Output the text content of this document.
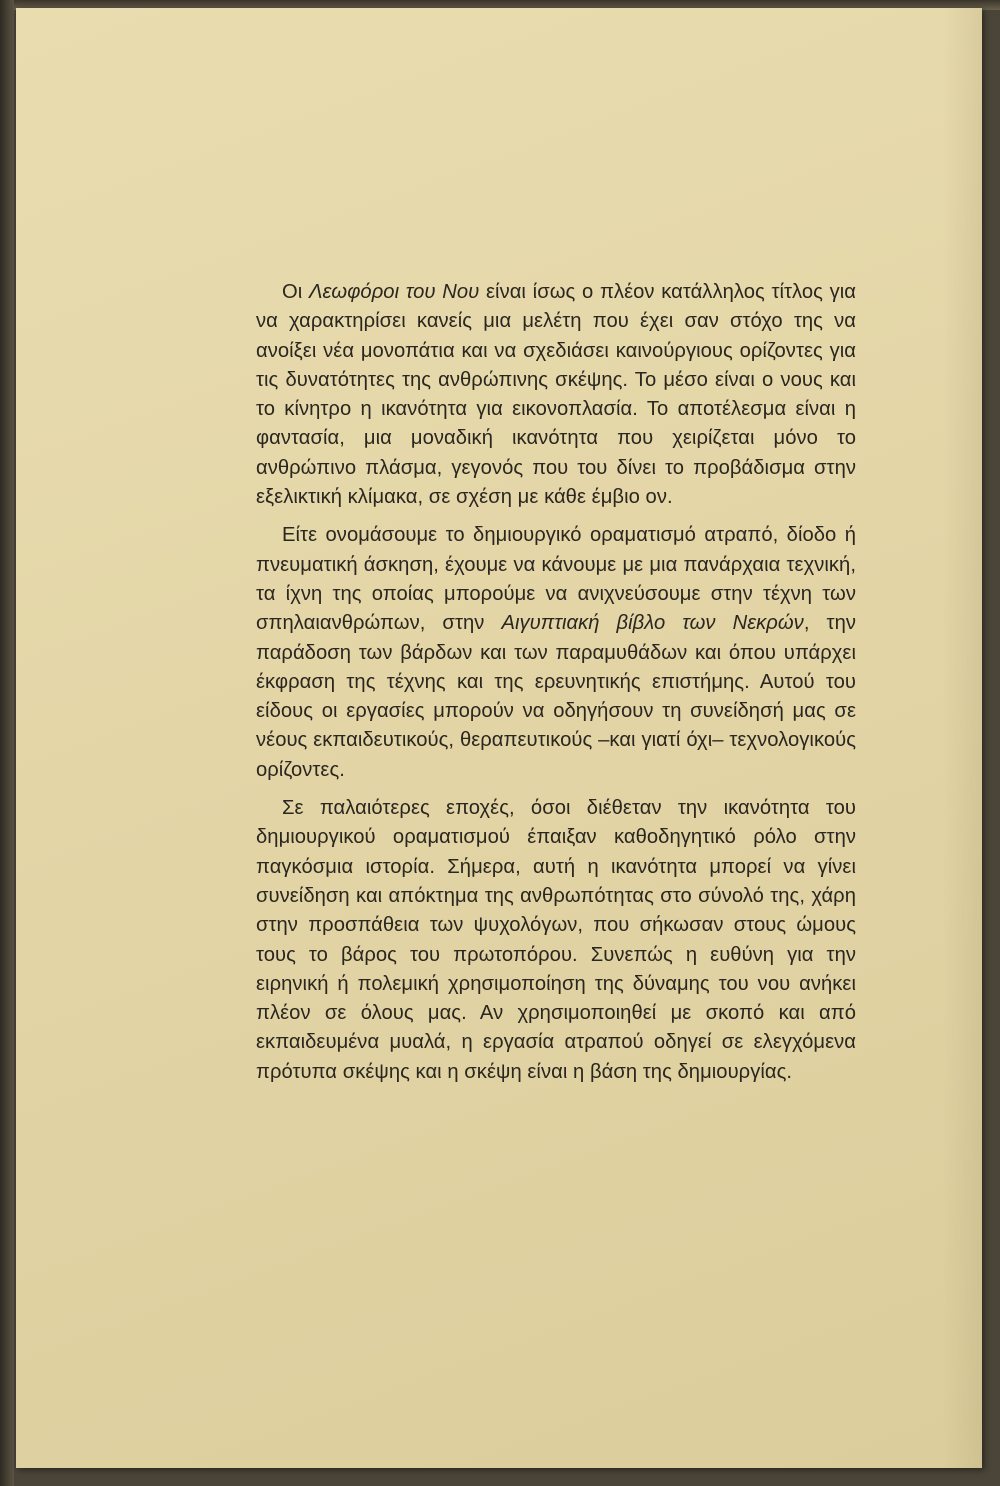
Οι Λεωφόροι του Νου είναι ίσως ο πλέον κατάλληλος τίτλος για να χαρακτηρίσει κανείς μια μελέτη που έχει σαν στόχο της να ανοίξει νέα μονοπάτια και να σχεδιάσει καινούργιους ορίζοντες για τις δυνατότητες της ανθρώπινης σκέψης. Το μέσο είναι ο νους και το κίνητρο η ικανότητα για εικονοπλασία. Το αποτέλεσμα είναι η φαντασία, μια μοναδική ικανότητα που χειρίζεται μόνο το ανθρώπινο πλάσμα, γεγονός που του δίνει το προβάδισμα στην εξελικτική κλίμακα, σε σχέση με κάθε έμβιο ον.

Είτε ονομάσουμε το δημιουργικό οραματισμό ατραπό, δίοδο ή πνευματική άσκηση, έχουμε να κάνουμε με μια πανάρχαια τεχνική, τα ίχνη της οποίας μπορούμε να ανιχνεύσουμε στην τέχνη των σπηλαιανθρώπων, στην Αιγυπτιακή βίβλο των Νεκρών, την παράδοση των βάρδων και των παραμυθάδων και όπου υπάρχει έκφραση της τέχνης και της ερευνητικής επιστήμης. Αυτού του είδους οι εργασίες μπορούν να οδηγήσουν τη συνείδησή μας σε νέους εκπαιδευτικούς, θεραπευτικούς –και γιατί όχι– τεχνολογικούς ορίζοντες.

Σε παλαιότερες εποχές, όσοι διέθεταν την ικανότητα του δημιουργικού οραματισμού έπαιξαν καθοδηγητικό ρόλο στην παγκόσμια ιστορία. Σήμερα, αυτή η ικανότητα μπορεί να γίνει συνείδηση και απόκτημα της ανθρωπότητας στο σύνολό της, χάρη στην προσπάθεια των ψυχολόγων, που σήκωσαν στους ώμους τους το βάρος του πρωτοπόρου. Συνεπώς η ευθύνη για την ειρηνική ή πολεμική χρησιμοποίηση της δύναμης του νου ανήκει πλέον σε όλους μας. Αν χρησιμοποιηθεί με σκοπό και από εκπαιδευμένα μυαλά, η εργασία ατραπού οδηγεί σε ελεγχόμενα πρότυπα σκέψης και η σκέψη είναι η βάση της δημιουργίας.
